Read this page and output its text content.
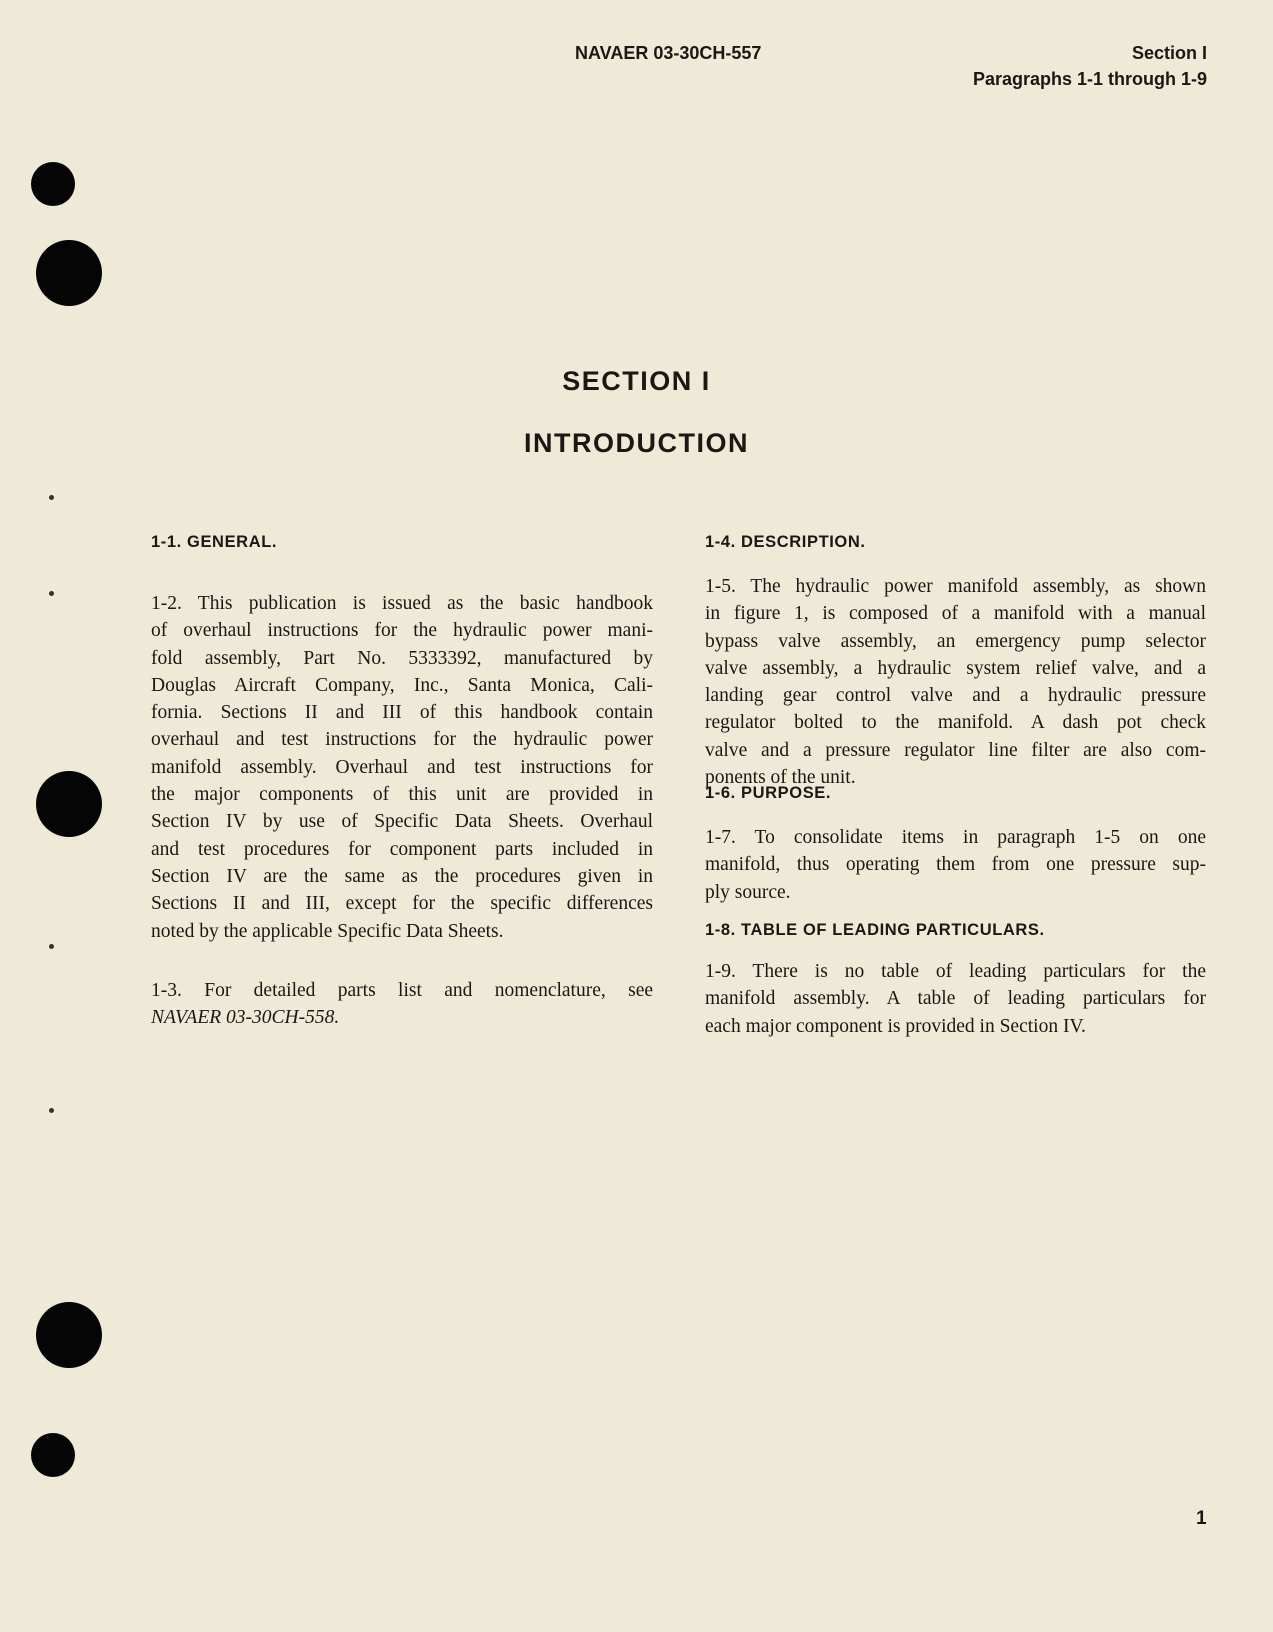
NAVAER 03-30CH-557	Section I
Paragraphs 1-1 through 1-9
SECTION I
INTRODUCTION
1-1. GENERAL.
1-2. This publication is issued as the basic handbook
of overhaul instructions for the hydraulic power mani-
fold assembly, Part No. 5333392, manufactured by
Douglas Aircraft Company, Inc., Santa Monica, Cali-
fornia. Sections II and III of this handbook contain
overhaul and test instructions for the hydraulic power
manifold assembly. Overhaul and test instructions for
the major components of this unit are provided in
Section IV by use of Specific Data Sheets. Overhaul
and test procedures for component parts included in
Section IV are the same as the procedures given in
Sections II and III, except for the specific differences
noted by the applicable Specific Data Sheets.
1-3. For detailed parts list and nomenclature, see
NAVAER 03-30CH-558.
1-4. DESCRIPTION.
1-5. The hydraulic power manifold assembly, as shown
in figure 1, is composed of a manifold with a manual
bypass valve assembly, an emergency pump selector
valve assembly, a hydraulic system relief valve, and a
landing gear control valve and a hydraulic pressure
regulator bolted to the manifold. A dash pot check
valve and a pressure regulator line filter are also com-
ponents of the unit.
1-6. PURPOSE.
1-7. To consolidate items in paragraph 1-5 on one
manifold, thus operating them from one pressure sup-
ply source.
1-8. TABLE OF LEADING PARTICULARS.
1-9. There is no table of leading particulars for the
manifold assembly. A table of leading particulars for
each major component is provided in Section IV.
1
